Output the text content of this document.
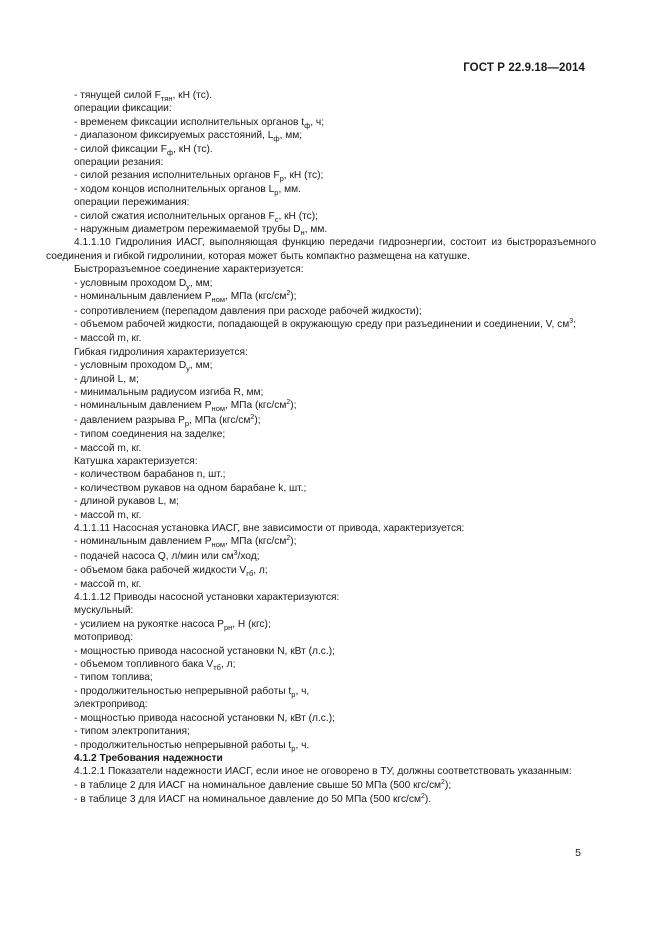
ГОСТ Р 22.9.18—2014
- тянущей силой $F_{тян}$, кН (тс).
операции фиксации:
- временем фиксации исполнительных органов $t_ф$, ч;
- диапазоном фиксируемых расстояний, $L_ф$, мм;
- силой фиксации $F_ф$, кН (тс).
операции резания:
- силой резания исполнительных органов $F_р$, кН (тс);
- ходом концов исполнительных органов $L_р$, мм.
операции пережимания:
- силой сжатия исполнительных органов $F_с$, кН (тс);
- наружным диаметром пережимаемой трубы $D_н$, мм.
4.1.1.10 Гидролиния ИАСГ, выполняющая функцию передачи гидроэнергии, состоит из быстроразъемного соединения и гибкой гидролинии, которая может быть компактно размещена на катушке.
Быстроразъемное соединение характеризуется:
- условным проходом $D_у$, мм;
- номинальным давлением $P_{ном}$, МПа $(кгс/см^2)$;
- сопротивлением (перепадом давления при расходе рабочей жидкости);
- объемом рабочей жидкости, попадающей в окружающую среду при разъединении и соединении, V, $см^3$;
- массой m, кг.
Гибкая гидролиния характеризуется:
- условным проходом $D_у$, мм;
- длиной L, м;
- минимальным радиусом изгиба R, мм;
- номинальным давлением $P_{ном}$, МПа $(кгс/см^2)$;
- давлением разрыва $P_р$, МПа $(кгс/см^2)$;
- типом соединения на заделке;
- массой m, кг.
Катушка характеризуется:
- количеством барабанов n, шт.;
- количеством рукавов на одном барабане k, шт.;
- длиной рукавов L, м;
- массой m, кг.
4.1.1.11 Насосная установка ИАСГ, вне зависимости от привода, характеризуется:
- номинальным давлением $P_{ном}$, МПа $(кгс/см^2)$;
- подачей насоса Q, л/мин или $см^3$/ход;
- объемом бака рабочей жидкости $V_{гб}$, л;
- массой m, кг.
4.1.1.12 Приводы насосной установки характеризуются:
мускульный:
- усилием на рукоятке насоса $P_{рн}$, Н (кгс);
мотопривод:
- мощностью привода насосной установки N, кВт (л.с.);
- объемом топливного бака $V_{тб}$, л;
- типом топлива;
- продолжительностью непрерывной работы $t_р$, ч,
электропривод:
- мощностью привода насосной установки N, кВт (л.с.);
- типом электропитания;
- продолжительностью непрерывной работы $t_р$, ч.
4.1.2 Требования надежности
4.1.2.1 Показатели надежности ИАСГ, если иное не оговорено в ТУ, должны соответствовать указанным:
- в таблице 2 для ИАСГ на номинальное давление свыше 50 МПа (500 кгс/$см^2$);
- в таблице 3 для ИАСГ на номинальное давление до 50 МПа (500 кгс/$см^2$).
5
